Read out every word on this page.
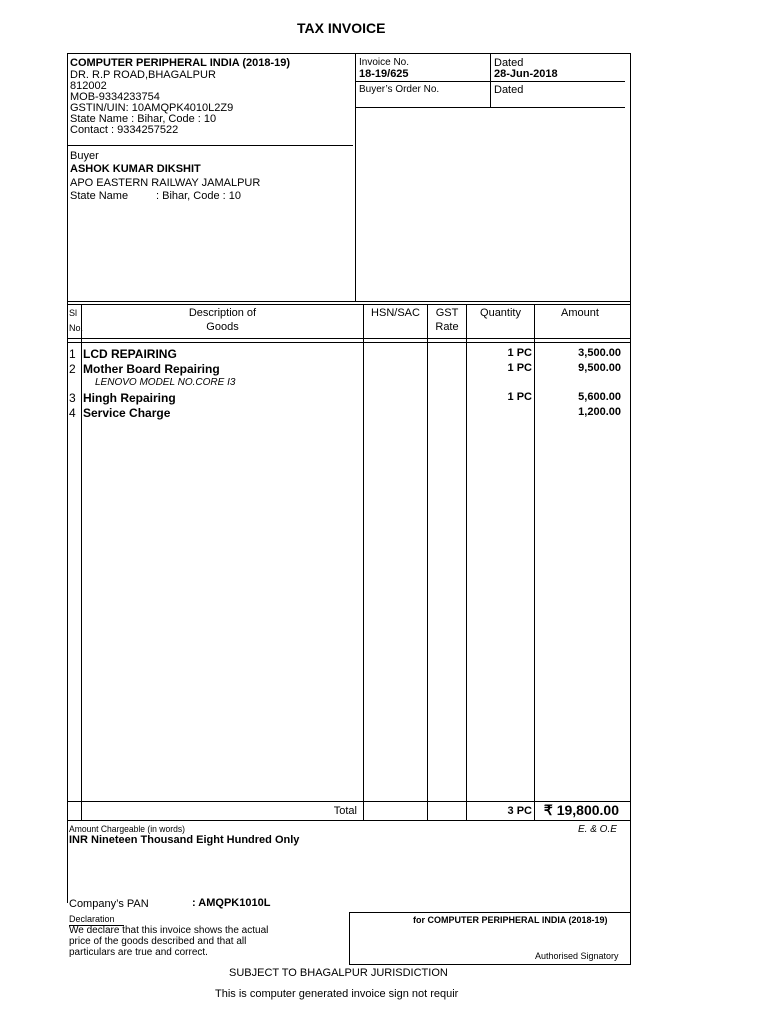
TAX INVOICE
COMPUTER PERIPHERAL INDIA (2018-19)
DR. R.P ROAD,BHAGALPUR
812002
MOB-9334233754
GSTIN/UIN: 10AMQPK4010L2Z9
State Name : Bihar, Code : 10
Contact : 9334257522
Invoice No.
18-19/625
Dated
28-Jun-2018
Buyer’s Order No.	Dated
Buyer
ASHOK KUMAR DIKSHIT
APO EASTERN RAILWAY JAMALPUR
State Name	: Bihar, Code : 10
Sl
No.
Description of
Goods
HSN/SAC	GST
Rate
Quantity	Amount
1 LCD REPAIRING	1 PC	3,500.00
2 Mother Board Repairing	1 PC	9,500.00
LENOVO MODEL NO.CORE I3
3 Hingh Repairing	1 PC	5,600.00
4 Service Charge	1,200.00
Total	3 PC ₹ 19,800.00
Amount Chargeable (in words)
INR Nineteen Thousand Eight Hundred Only
E. & O.E
Company’s PAN	: AMQPK1010L
Declaration
We declare that this invoice shows the actual
price of the goods described and that all
particulars are true and correct.
for COMPUTER PERIPHERAL INDIA (2018-19)
Authorised Signatory
SUBJECT TO BHAGALPUR JURISDICTION
This is computer generated invoice sign not requir
